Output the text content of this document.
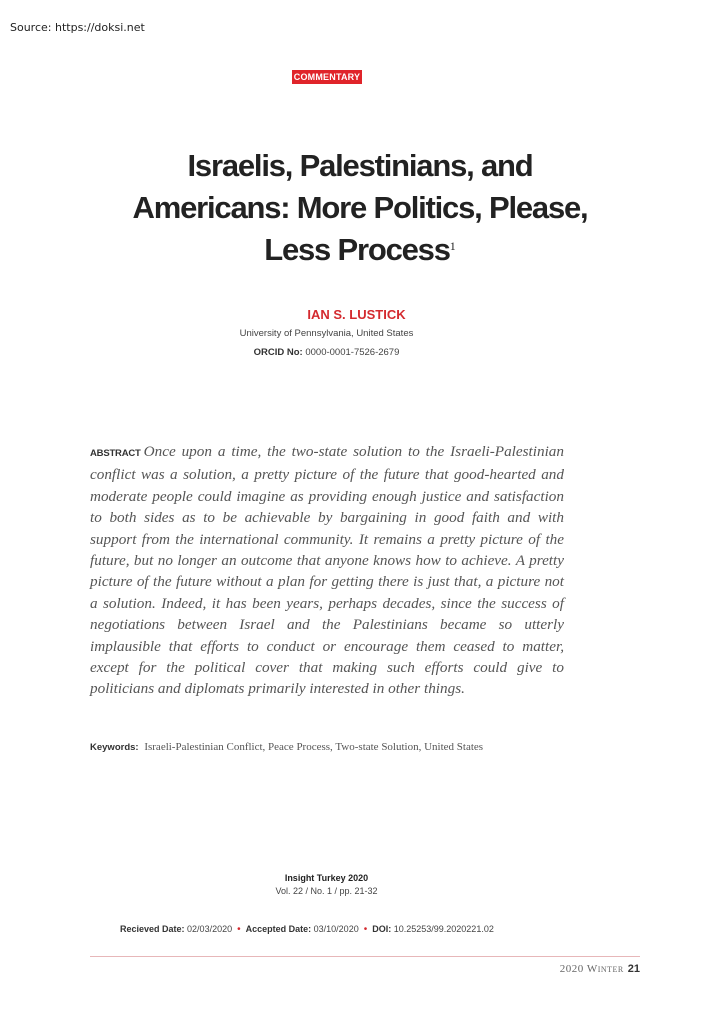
Source: https://doksi.net
COMMENTARY
Israelis, Palestinians, and
Americans: More Politics, Please,
Less Process$^1$
IAN S. LUSTICK
University of Pennsylvania, United States
ORCID No: 0000-0001-7526-2679
ABSTRACT Once upon a time, the two-state solution to the Israeli-Palestinian conflict was a solution, a pretty picture of the future that good-hearted and moderate people could imagine as providing enough justice and satisfaction to both sides as to be achievable by bargaining in good faith and with support from the international community. It remains a pretty picture of the future, but no longer an outcome that anyone knows how to achieve. A pretty picture of the future without a plan for getting there is just that, a picture not a solution. Indeed, it has been years, perhaps decades, since the success of negotiations between Israel and the Palestinians became so utterly implausible that efforts to conduct or encourage them ceased to matter, except for the political cover that making such efforts could give to politicians and diplomats primarily interested in other things.
Keywords: Israeli-Palestinian Conflict, Peace Process, Two-state Solution, United States
Insight Turkey 2020
Vol. 22 / No. 1 / pp. 21-32
Recieved Date: 02/03/2020 • Accepted Date: 03/10/2020 • DOI: 10.25253/99.2020221.02
2020 Winter 21
